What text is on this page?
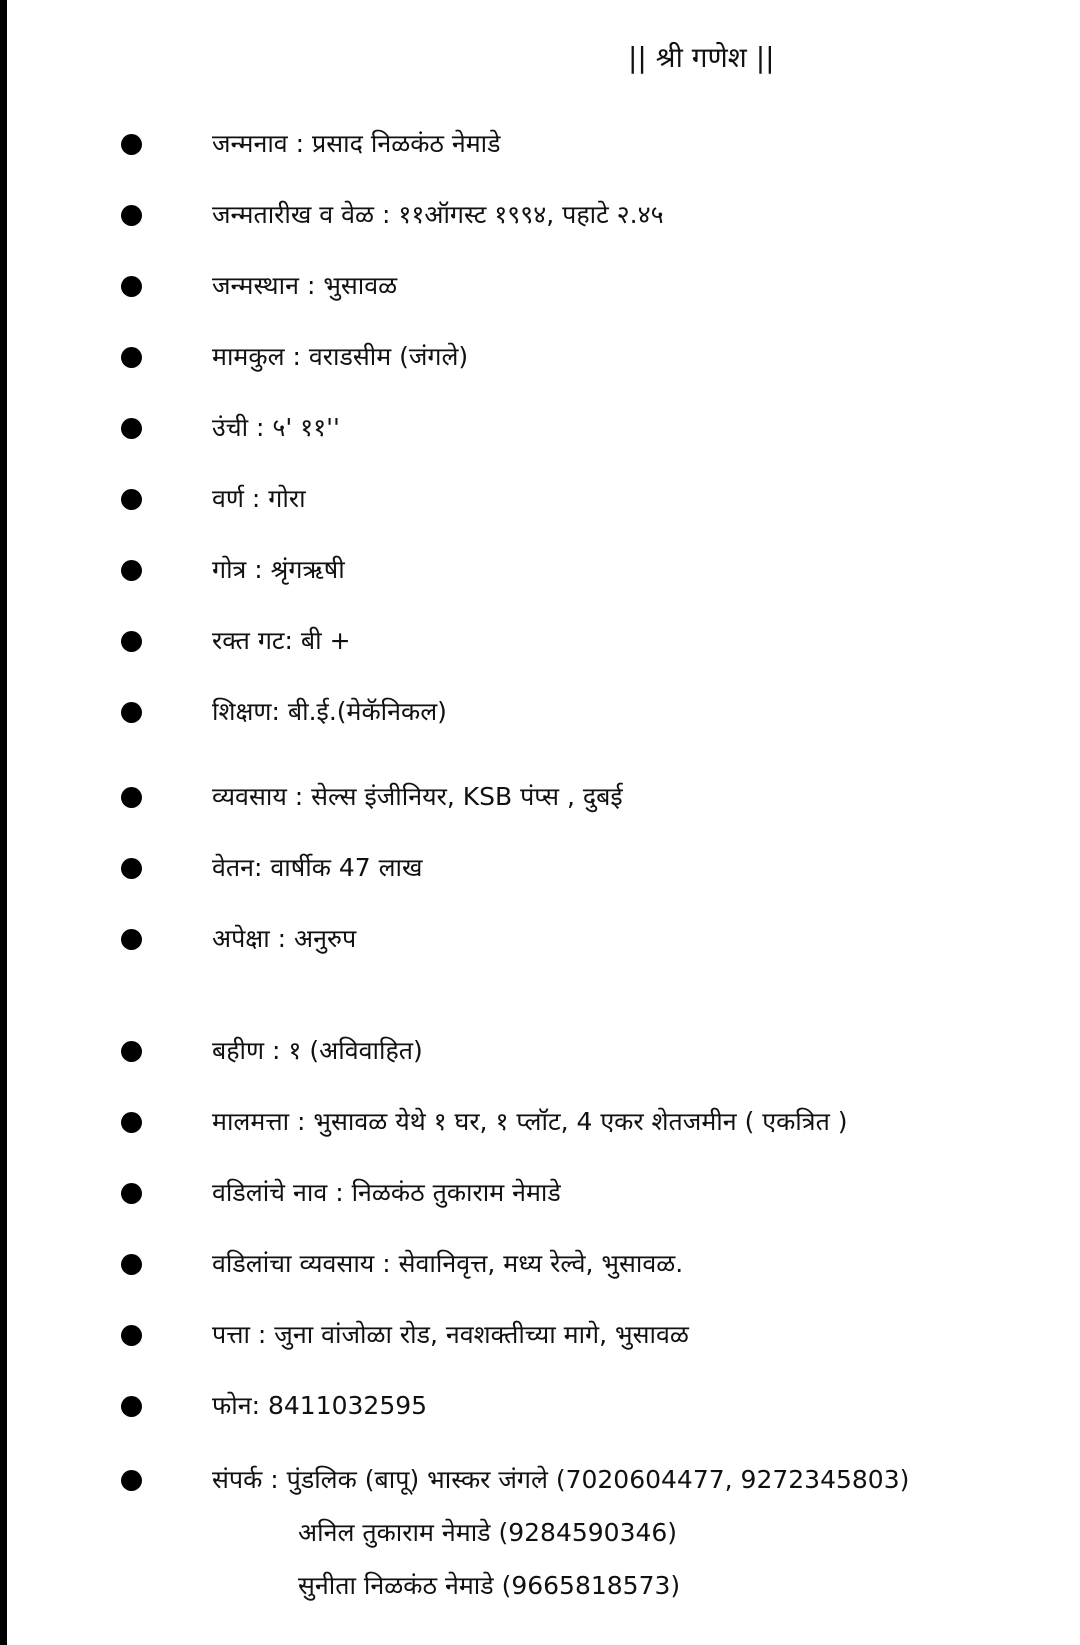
|| श्री गणेश ||
जन्मनाव : प्रसाद निळकंठ नेमाडे
जन्मतारीख व वेळ : ११ऑगस्ट १९९४, पहाटे २.४५
जन्मस्थान : भुसावळ
मामकुल : वराडसीम (जंगले)
उंची : ५' ११''
वर्ण : गोरा
गोत्र : श्रृंगऋषी
रक्त गट: बी +
शिक्षण: बी.ई.(मेकॅनिकल)
व्यवसाय : सेल्स इंजीनियर, KSB पंप्स , दुबई
वेतन: वार्षीक 47 लाख
अपेक्षा : अनुरुप
बहीण : १ (अविवाहित)
मालमत्ता : भुसावळ येथे १ घर, १ प्लॉट, 4 एकर शेतजमीन ( एकत्रित )
वडिलांचे नाव : निळकंठ तुकाराम नेमाडे
वडिलांचा व्यवसाय : सेवानिवृत्त, मध्य रेल्वे, भुसावळ.
पत्ता : जुना वांजोळा रोड, नवशक्तीच्या मागे, भुसावळ
फोन: 8411032595
संपर्क : पुंडलिक (बापू) भास्कर जंगले (7020604477, 9272345803)
अनिल तुकाराम नेमाडे (9284590346)
सुनीता निळकंठ नेमाडे (9665818573)
